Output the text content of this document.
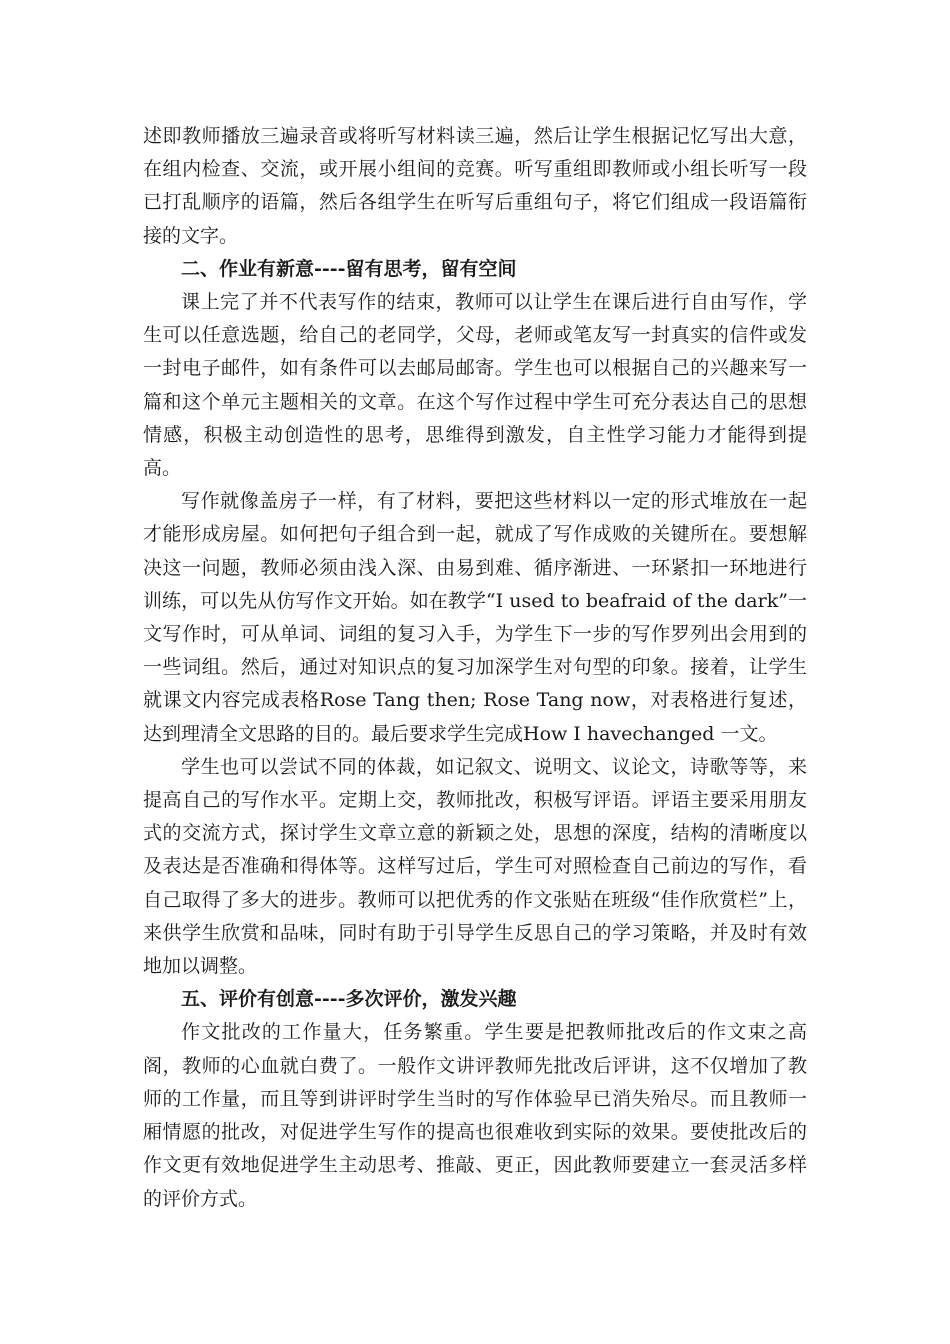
述即教师播放三遍录音或将听写材料读三遍，然后让学生根据记忆写出大意，在组内检查、交流，或开展小组间的竞赛。听写重组即教师或小组长听写一段已打乱顺序的语篇，然后各组学生在听写后重组句子，将它们组成一段语篇衔接的文字。

二、作业有新意----留有思考，留有空间

课上完了并不代表写作的结束，教师可以让学生在课后进行自由写作，学生可以任意选题，给自己的老同学，父母，老师或笔友写一封真实的信件或发一封电子邮件，如有条件可以去邮局邮寄。学生也可以根据自己的兴趣来写一篇和这个单元主题相关的文章。在这个写作过程中学生可充分表达自己的思想情感，积极主动创造性的思考，思维得到激发，自主性学习能力才能得到提高。

写作就像盖房子一样，有了材料，要把这些材料以一定的形式堆放在一起才能形成房屋。如何把句子组合到一起，就成了写作成败的关键所在。要想解决这一问题，教师必须由浅入深、由易到难、循序渐进、一环紧扣一环地进行训练，可以先从仿写作文开始。如在教学“I used to beafraid of the dark”一文写作时，可从单词、词组的复习入手，为学生下一步的写作罗列出会用到的一些词组。然后，通过对知识点的复习加深学生对句型的印象。接着，让学生就课文内容完成表格Rose Tang then; Rose Tang now，对表格进行复述，达到理清全文思路的目的。最后要求学生完成How I havechanged 一文。

学生也可以尝试不同的体裁，如记叙文、说明文、议论文，诗歌等等，来提高自己的写作水平。定期上交，教师批改，积极写评语。评语主要采用朋友式的交流方式，探讨学生文章立意的新颖之处，思想的深度，结构的清晰度以及表达是否准确和得体等。这样写过后，学生可对照检查自己前边的写作，看自己取得了多大的进步。教师可以把优秀的作文张贴在班级“佳作欣赏栏”上，来供学生欣赏和品味，同时有助于引导学生反思自己的学习策略，并及时有效地加以调整。

五、评价有创意----多次评价，激发兴趣

作文批改的工作量大，任务繁重。学生要是把教师批改后的作文束之高阁，教师的心血就白费了。一般作文讲评教师先批改后评讲，这不仅增加了教师的工作量，而且等到讲评时学生当时的写作体验早已消失殆尽。而且教师一厢情愿的批改，对促进学生写作的提高也很难收到实际的效果。要使批改后的作文更有效地促进学生主动思考、推敲、更正，因此教师要建立一套灵活多样的评价方式。
